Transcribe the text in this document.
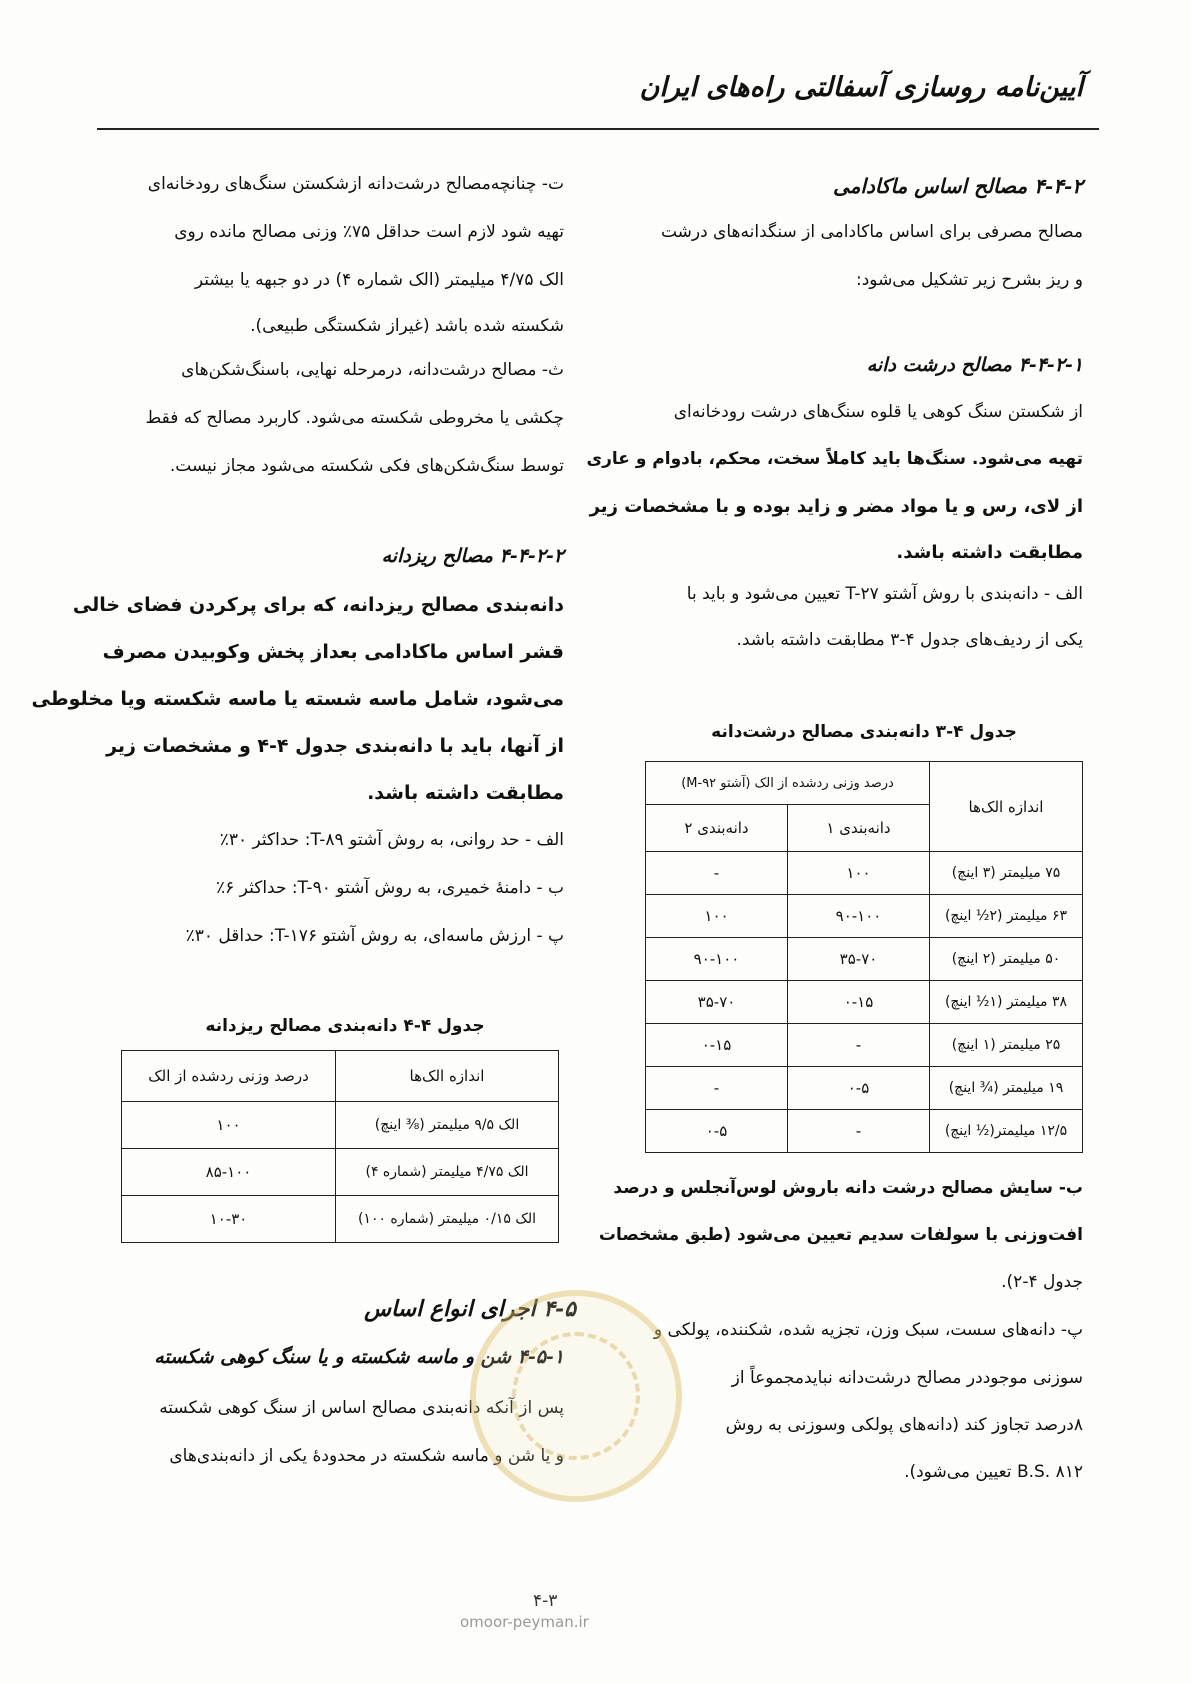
آیین‌نامه روسازی آسفالتی راه‌های ایران
۴-۴-۲ مصالح اساس ماکادامی
مصالح مصرفی برای اساس ماکادامی از سنگدانه‌های درشت
و ریز بشرح زیر تشکیل می‌شود:
۴-۴-۲-۱ مصالح درشت دانه
از شکستن سنگ کوهی یا قلوه سنگ‌های درشت رودخانه‌ای
تهیه می‌شود. سنگ‌ها باید کاملاً سخت، محکم، بادوام و عاری
از لای، رس و یا مواد مضر و زاید بوده و با مشخصات زیر
مطابقت داشته باشد.
الف - دانه‌بندی با روش آشتو T-۲۷ تعیین می‌شود و باید با
یکی از ردیف‌های جدول ۴-۳ مطابقت داشته باشد.
جدول ۴-۳ دانه‌بندی مصالح درشت‌دانه
اندازه الک‌ها	درصد وزنی ردشده از الک (آشتو M-۹۲)	
	دانه‌بندی ۱	دانه‌بندی ۲
۷۵ میلیمتر (۳ اینچ)	۱۰۰	-
۶۳ میلیمتر (۲½ اینچ)	۹۰-۱۰۰	۱۰۰
۵۰ میلیمتر (۲ اینچ)	۳۵-۷۰	۹۰-۱۰۰
۳۸ میلیمتر (۱½ اینچ)	۰-۱۵	۳۵-۷۰
۲۵ میلیمتر (۱ اینچ)	-	۰-۱۵
۱۹ میلیمتر (¾ اینچ)	۰-۵	-
۱۲/۵ میلیمتر(½ اینچ)	-	۰-۵
ب- سایش مصالح درشت دانه باروش لوس‌آنجلس و درصد
افت‌وزنی با سولفات سدیم تعیین می‌شود (طبق مشخصات
جدول ۴-۲).
پ- دانه‌های سست، سبک وزن، تجزیه شده، شکننده، پولکی و
سوزنی موجوددر مصالح درشت‌دانه نباید‌مجموعاً از
۸درصد تجاوز کند (دانه‌های پولکی وسوزنی به روش
B.S. ۸۱۲ تعیین می‌شود).
ت- چنانچه‌مصالح درشت‌دانه ازشکستن سنگ‌های رودخانه‌ای
تهیه شود لازم است حداقل ۷۵٪ وزنی مصالح مانده روی
الک ۴/۷۵ میلیمتر (الک شماره ۴) در دو جبهه یا بیشتر
شکسته شده باشد (غیراز شکستگی طبیعی).
ث- مصالح درشت‌دانه، درمرحله نهایی، باسنگ‌شکن‌های
چکشی یا مخروطی شکسته می‌شود. کاربرد مصالح که فقط
توسط سنگ‌شکن‌های فکی شکسته می‌شود مجاز نیست.
۴-۴-۲-۲ مصالح ریزدانه
دانه‌بندی مصالح ریزدانه، که برای پرکردن فضای خالی
قشر اساس ماکادامی بعداز پخش وکوبیدن مصرف
می‌شود، شامل ماسه شسته یا ماسه شکسته ویا مخلوطی
از آنها، باید با دانه‌بندی جدول ۴-۴ و مشخصات زیر
مطابقت داشته باشد.
الف - حد روانی، به روش آشتو T-۸۹: حداکثر ۳۰٪
ب - دامنهٔ خمیری، به روش آشتو T-۹۰: حداکثر ۶٪
پ - ارزش ماسه‌ای، به روش آشتو T-۱۷۶: حداقل ۳۰٪
جدول ۴-۴ دانه‌بندی مصالح ریزدانه
اندازه الک‌ها	درصد وزنی ردشده از الک
الک ۹/۵ میلیمتر (⅜ اینچ)	۱۰۰
الک ۴/۷۵ میلیمتر (شماره ۴)	۸۵-۱۰۰
الک ۰/۱۵ میلیمتر (شماره ۱۰۰)	۱۰-۳۰
۴-۵ اجرای انواع اساس
۴-۵-۱ شن و ماسه شکسته و یا سنگ کوهی شکسته
پس از آنکه دانه‌بندی مصالح اساس از سنگ کوهی شکسته
و یا شن و ماسه شکسته در محدودهٔ یکی از دانه‌بندی‌های
۴-۳
omoor-peyman.ir
